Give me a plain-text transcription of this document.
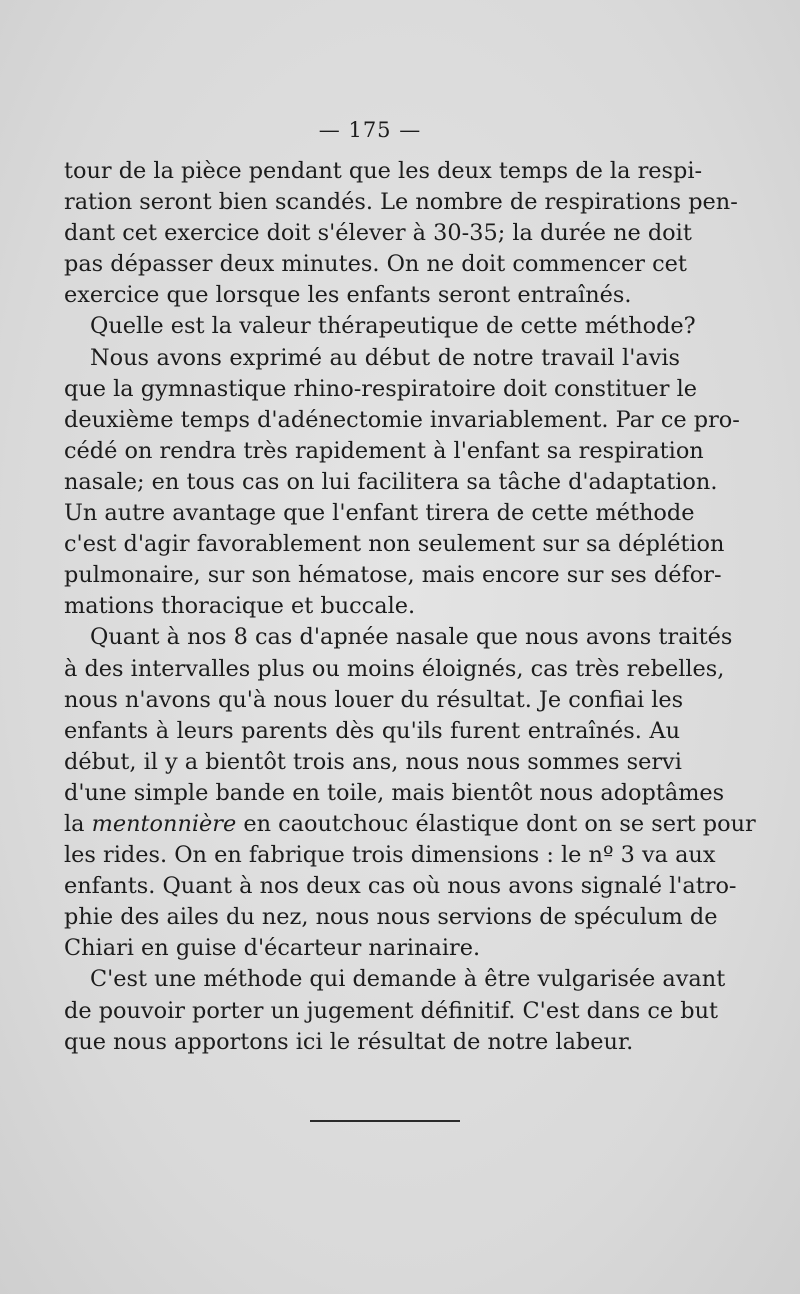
— 175 —
tour de la pièce pendant que les deux temps de la respi-
ration seront bien scandés. Le nombre de respirations pen-
dant cet exercice doit s'élever à 30-35; la durée ne doit
pas dépasser deux minutes. On ne doit commencer cet
exercice que lorsque les enfants seront entraînés.
Quelle est la valeur thérapeutique de cette méthode?
Nous avons exprimé au début de notre travail l'avis
que la gymnastique rhino-respiratoire doit constituer le
deuxième temps d'adénectomie invariablement. Par ce pro-
cédé on rendra très rapidement à l'enfant sa respiration
nasale; en tous cas on lui facilitera sa tâche d'adaptation.
Un autre avantage que l'enfant tirera de cette méthode
c'est d'agir favorablement non seulement sur sa déplétion
pulmonaire, sur son hématose, mais encore sur ses défor-
mations thoracique et buccale.
Quant à nos 8 cas d'apnée nasale que nous avons traités
à des intervalles plus ou moins éloignés, cas très rebelles,
nous n'avons qu'à nous louer du résultat. Je confiai les
enfants à leurs parents dès qu'ils furent entraînés. Au
début, il y a bientôt trois ans, nous nous sommes servi
d'une simple bande en toile, mais bientôt nous adoptâmes
la mentonnière en caoutchouc élastique dont on se sert pour
les rides. On en fabrique trois dimensions : le nº 3 va aux
enfants. Quant à nos deux cas où nous avons signalé l'atro-
phie des ailes du nez, nous nous servions de spéculum de
Chiari en guise d'écarteur narinaire.
C'est une méthode qui demande à être vulgarisée avant
de pouvoir porter un jugement définitif. C'est dans ce but
que nous apportons ici le résultat de notre labeur.
